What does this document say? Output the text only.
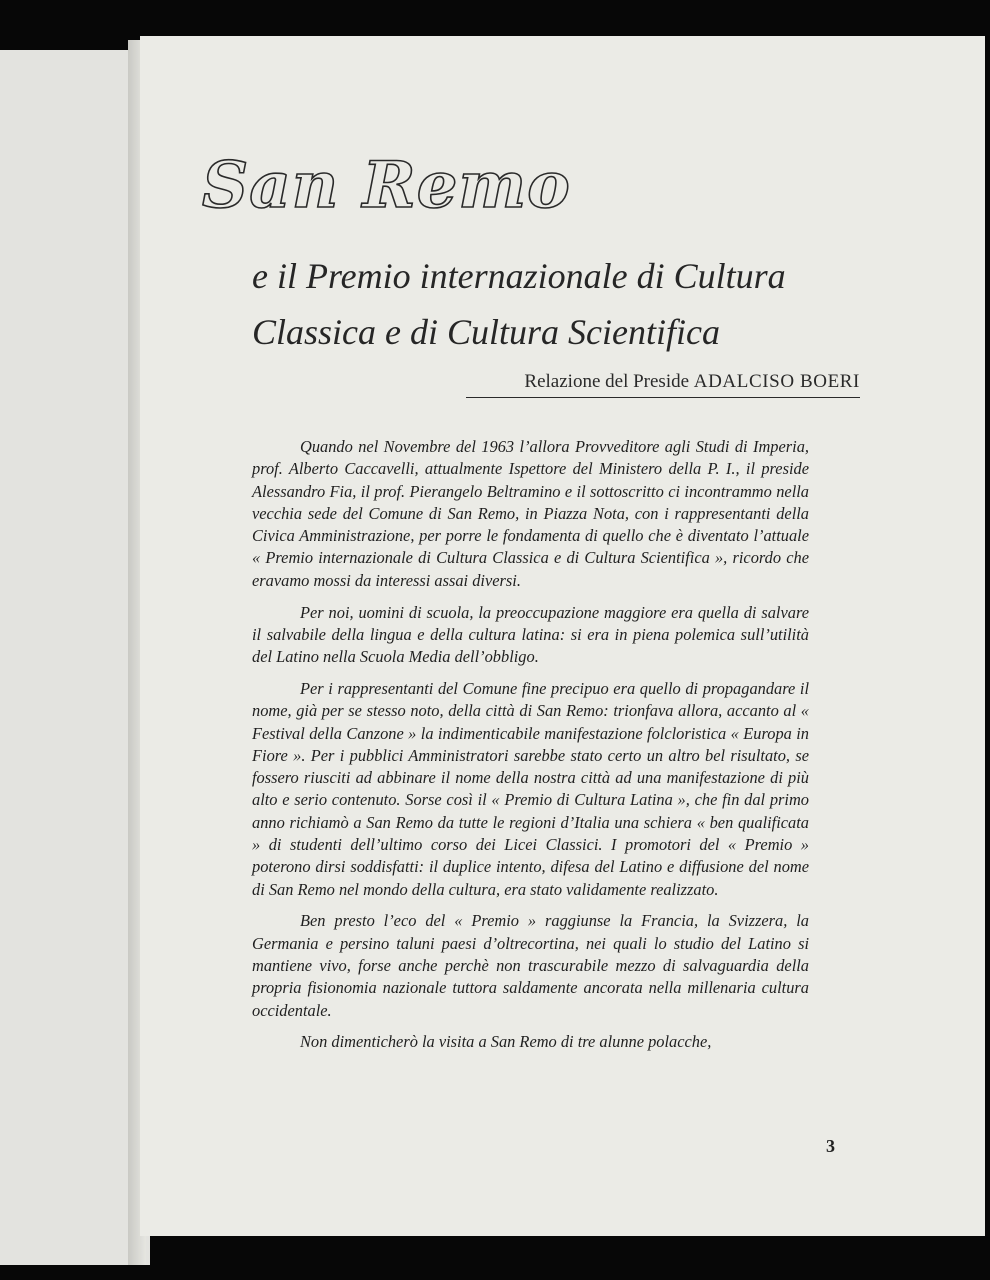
San Remo
e il Premio internazionale di Cultura
Classica e di Cultura Scientifica
Relazione del Preside ADALCISO BOERI

Quando nel Novembre del 1963 l’allora Provveditore agli Studi di Imperia, prof. Alberto Caccavelli, attualmente Ispettore del Ministero della P. I., il preside Alessandro Fia, il prof. Pierangelo Beltramino e il sottoscritto ci incontrammo nella vecchia sede del Comune di San Remo, in Piazza Nota, con i rappresentanti della Civica Amministrazione, per porre le fondamenta di quello che è diventato l’attuale « Premio internazionale di Cultura Classica e di Cultura Scientifica », ricordo che eravamo mossi da interessi assai diversi.

Per noi, uomini di scuola, la preoccupazione maggiore era quella di salvare il salvabile della lingua e della cultura latina: si era in piena polemica sull’utilità del Latino nella Scuola Media dell’obbligo.

Per i rappresentanti del Comune fine precipuo era quello di propagandare il nome, già per se stesso noto, della città di San Remo: trionfava allora, accanto al « Festival della Canzone » la indimenticabile manifestazione folcloristica « Europa in Fiore ». Per i pubblici Amministratori sarebbe stato certo un altro bel risultato, se fossero riusciti ad abbinare il nome della nostra città ad una manifestazione di più alto e serio contenuto. Sorse così il « Premio di Cultura Latina », che fin dal primo anno richiamò a San Remo da tutte le regioni d’Italia una schiera « ben qualificata » di studenti dell’ultimo corso dei Licei Classici. I promotori del « Premio » poterono dirsi soddisfatti: il duplice intento, difesa del Latino e diffusione del nome di San Remo nel mondo della cultura, era stato validamente realizzato.

Ben presto l’eco del « Premio » raggiunse la Francia, la Svizzera, la Germania e persino taluni paesi d’oltrecortina, nei quali lo studio del Latino si mantiene vivo, forse anche perchè non trascurabile mezzo di salvaguardia della propria fisionomia nazionale tuttora saldamente ancorata nella millenaria cultura occidentale.

Non dimenticherò la visita a San Remo di tre alunne polacche,

3
